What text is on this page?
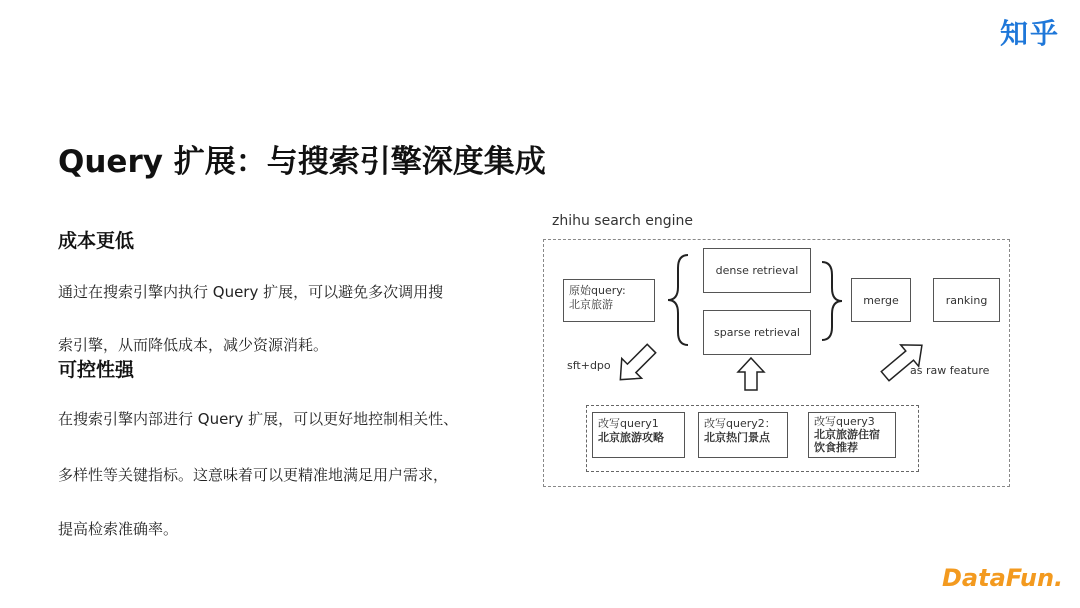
知乎
Query 扩展：与搜索引擎深度集成
成本更低
通过在搜索引擎内执行 Query 扩展，可以避免多次调用搜
索引擎，从而降低成本，减少资源消耗。
可控性强
在搜索引擎内部进行 Query 扩展，可以更好地控制相关性、
多样性等关键指标。这意味着可以更精准地满足用户需求，
提高检索准确率。
zhihu search engine
原始query:
北京旅游
dense retrieval
sparse retrieval
merge	ranking
改写query1
北京旅游攻略
改写query2：
北京热门景点
改写query3
北京旅游住宿
饮食推荐
sft+dpo	as raw feature
DataFun.
